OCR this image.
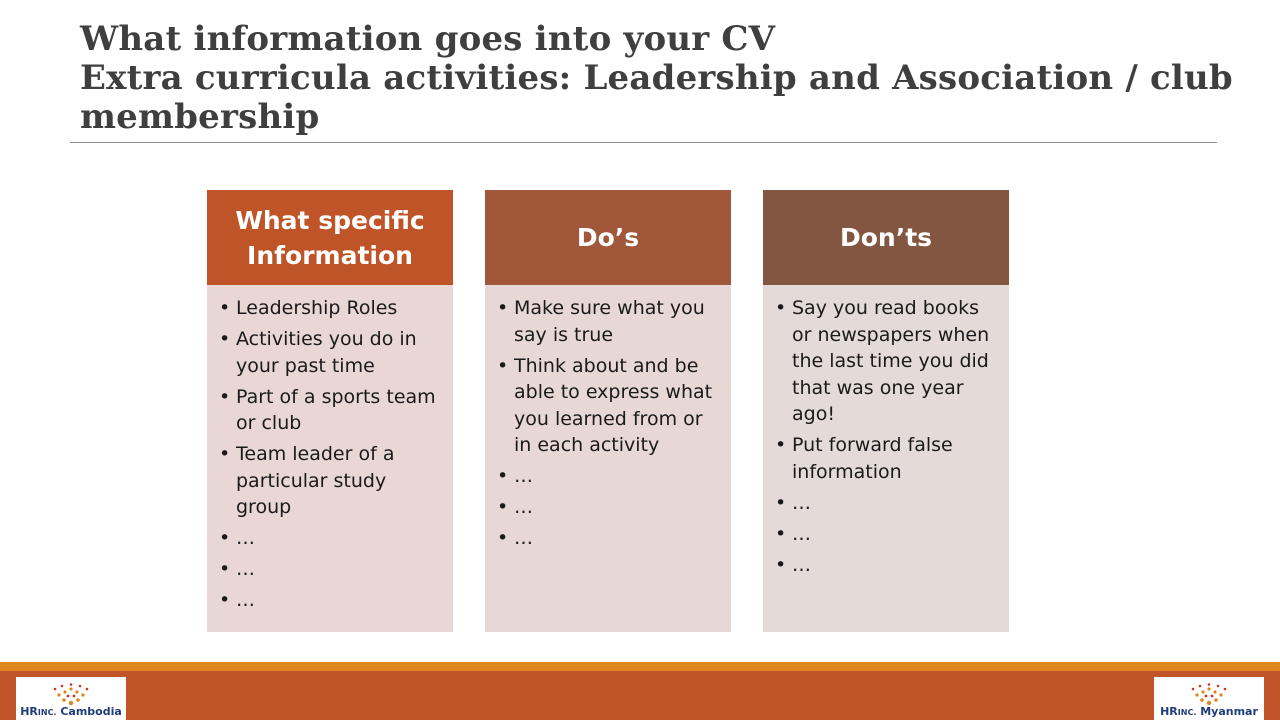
What information goes into your CV
Extra curricula activities: Leadership and Association / club
membership
What specific
Information
• Leadership Roles
• Activities you do in your past time
• Part of a sports team or club
• Team leader of a particular study group
• …
• …
• …
Do’s
• Make sure what you say is true
• Think about and be able to express what you learned from or in each activity
• …
• …
• …
Don’ts
• Say you read books or newspapers when the last time you did that was one year ago!
• Put forward false information
• …
• …
• …
HRINC. Cambodia	HRINC. Myanmar
